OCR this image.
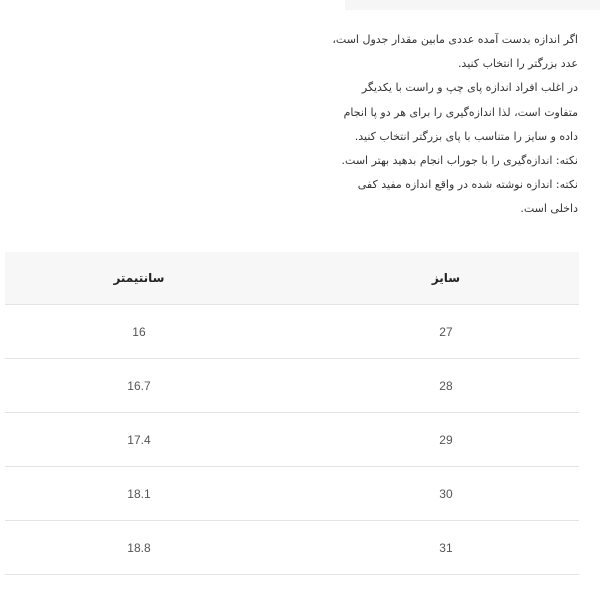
اگر اندازه بدست آمده عددی مابین مقدار جدول است،
عدد بزرگتر را انتخاب کنید.
در اغلب افراد اندازه پای چپ و راست با یکدیگر
متفاوت است، لذا اندازه‌گیری را برای هر دو پا انجام
داده و سایز را متناسب با پای بزرگتر انتخاب کنید.
نکته: اندازه‌گیری را با جوراب انجام بدهید بهتر است.
نکته: اندازه نوشته شده در واقع اندازه مفید کفی
داخلی است.
سایز	سانتیمتر
27	16
28	16.7
29	17.4
30	18.1
31	18.8
